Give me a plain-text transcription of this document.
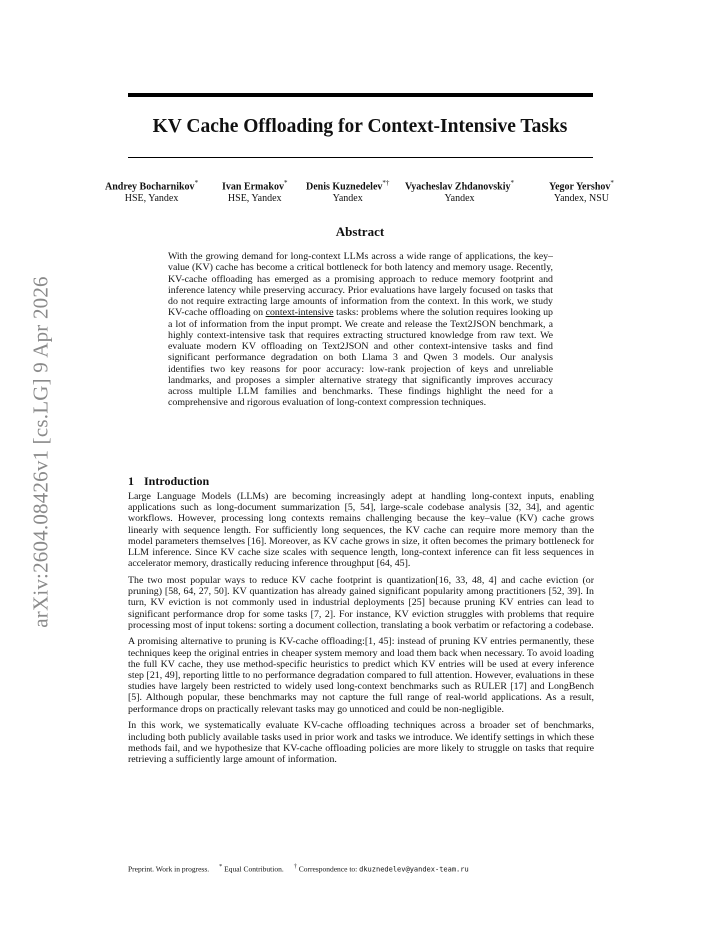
arXiv:2604.08426v1 [cs.LG] 9 Apr 2026
KV Cache Offloading for Context-Intensive Tasks
Andrey Bocharnikov*
HSE, Yandex
Ivan Ermakov*
HSE, Yandex
Denis Kuznedelev*†
Yandex
Vyacheslav Zhdanovskiy*
Yandex
Yegor Yershov*
Yandex, NSU
Abstract

With the growing demand for long-context LLMs across a wide range of applications, the key–value (KV) cache has become a critical bottleneck for both latency and memory usage. Recently, KV-cache offloading has emerged as a promising approach to reduce memory footprint and inference latency while preserving accuracy. Prior evaluations have largely focused on tasks that do not require extracting large amounts of information from the context. In this work, we study KV-cache offloading on context-intensive tasks: problems where the solution requires looking up a lot of information from the input prompt. We create and release the Text2JSON benchmark, a highly context-intensive task that requires extracting structured knowledge from raw text. We evaluate modern KV offloading on Text2JSON and other context-intensive tasks and find significant performance degradation on both Llama 3 and Qwen 3 models. Our analysis identifies two key reasons for poor accuracy: low-rank projection of keys and unreliable landmarks, and proposes a simpler alternative strategy that significantly improves accuracy across multiple LLM families and benchmarks. These findings highlight the need for a comprehensive and rigorous evaluation of long-context compression techniques.

1 Introduction

Large Language Models (LLMs) are becoming increasingly adept at handling long-context inputs, enabling applications such as long-document summarization [5, 54], large-scale codebase analysis [32, 34], and agentic workflows. However, processing long contexts remains challenging because the key–value (KV) cache grows linearly with sequence length. For sufficiently long sequences, the KV cache can require more memory than the model parameters themselves [16]. Moreover, as KV cache grows in size, it often becomes the primary bottleneck for LLM inference. Since KV cache size scales with sequence length, long-context inference can fit less sequences in accelerator memory, drastically reducing inference throughput [64, 45].

The two most popular ways to reduce KV cache footprint is quantization[16, 33, 48, 4] and cache eviction (or pruning) [58, 64, 27, 50]. KV quantization has already gained significant popularity among practitioners [52, 39]. In turn, KV eviction is not commonly used in industrial deployments [25] because pruning KV entries can lead to significant performance drop for some tasks [7, 2]. For instance, KV eviction struggles with problems that require processing most of input tokens: sorting a document collection, translating a book verbatim or refactoring a codebase.

A promising alternative to pruning is KV-cache offloading:[1, 45]: instead of pruning KV entries permanently, these techniques keep the original entries in cheaper system memory and load them back when necessary. To avoid loading the full KV cache, they use method-specific heuristics to predict which KV entries will be used at every inference step [21, 49], reporting little to no performance degradation compared to full attention. However, evaluations in these studies have largely been restricted to widely used long-context benchmarks such as RULER [17] and LongBench [5]. Although popular, these benchmarks may not capture the full range of real-world applications. As a result, performance drops on practically relevant tasks may go unnoticed and could be non-negligible.

In this work, we systematically evaluate KV-cache offloading techniques across a broader set of benchmarks, including both publicly available tasks used in prior work and tasks we introduce. We identify settings in which these methods fail, and we hypothesize that KV-cache offloading policies are more likely to struggle on tasks that require retrieving a sufficiently large amount of information.

Preprint. Work in progress. * Equal Contribution. † Correspondence to: dkuznedelev@yandex-team.ru
